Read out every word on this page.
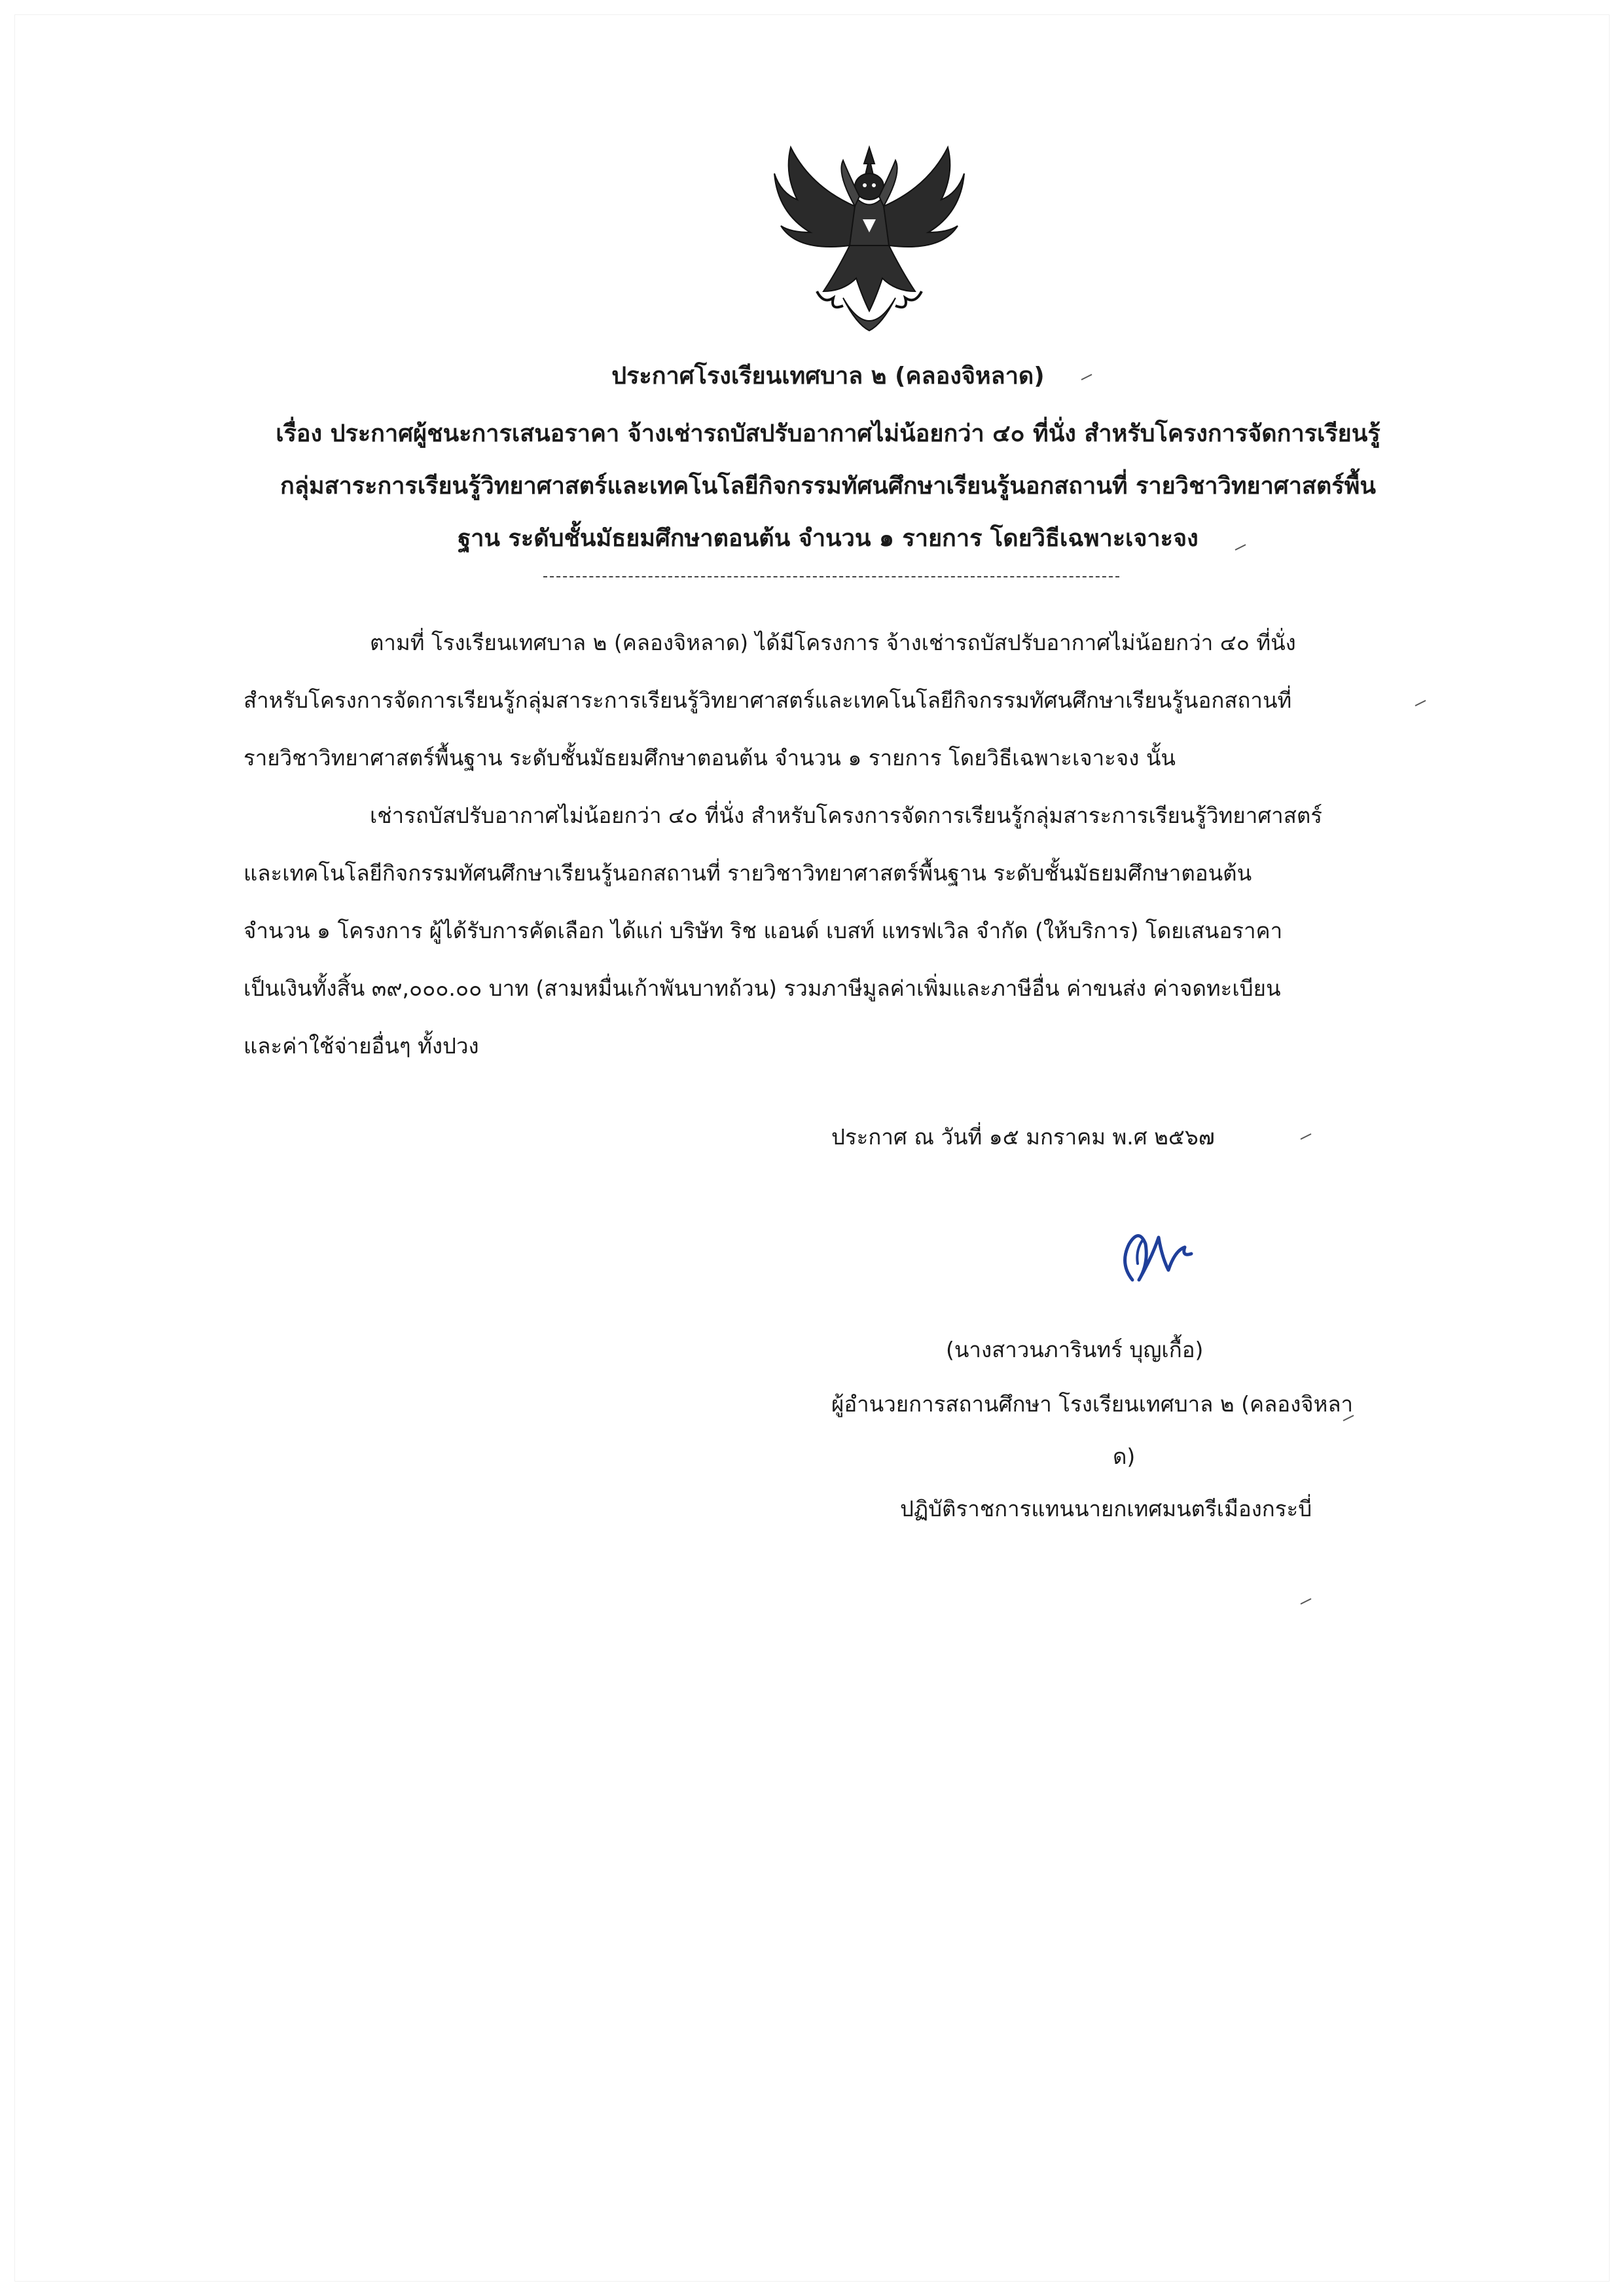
ประกาศโรงเรียนเทศบาล ๒ (คลองจิหลาด)
เรื่อง ประกาศผู้ชนะการเสนอราคา จ้างเช่ารถบัสปรับอากาศไม่น้อยกว่า ๔๐ ที่นั่ง สำหรับโครงการจัดการเรียนรู้
กลุ่มสาระการเรียนรู้วิทยาศาสตร์และเทคโนโลยีกิจกรรมทัศนศึกษาเรียนรู้นอกสถานที่ รายวิชาวิทยาศาสตร์พื้น
ฐาน ระดับชั้นมัธยมศึกษาตอนต้น จำนวน ๑ รายการ โดยวิธีเฉพาะเจาะจง
ตามที่ โรงเรียนเทศบาล ๒ (คลองจิหลาด) ได้มีโครงการ จ้างเช่ารถบัสปรับอากาศไม่น้อยกว่า ๔๐ ที่นั่ง
สำหรับโครงการจัดการเรียนรู้กลุ่มสาระการเรียนรู้วิทยาศาสตร์และเทคโนโลยีกิจกรรมทัศนศึกษาเรียนรู้นอกสถานที่
รายวิชาวิทยาศาสตร์พื้นฐาน ระดับชั้นมัธยมศึกษาตอนต้น จำนวน ๑ รายการ โดยวิธีเฉพาะเจาะจง นั้น
เช่ารถบัสปรับอากาศไม่น้อยกว่า ๔๐ ที่นั่ง สำหรับโครงการจัดการเรียนรู้กลุ่มสาระการเรียนรู้วิทยาศาสตร์
และเทคโนโลยีกิจกรรมทัศนศึกษาเรียนรู้นอกสถานที่ รายวิชาวิทยาศาสตร์พื้นฐาน ระดับชั้นมัธยมศึกษาตอนต้น
จำนวน ๑ โครงการ ผู้ได้รับการคัดเลือก ได้แก่ บริษัท ริช แอนด์ เบสท์ แทรฟเวิล จำกัด (ให้บริการ) โดยเสนอราคา
เป็นเงินทั้งสิ้น ๓๙,๐๐๐.๐๐ บาท (สามหมื่นเก้าพันบาทถ้วน) รวมภาษีมูลค่าเพิ่มและภาษีอื่น ค่าขนส่ง ค่าจดทะเบียน
และค่าใช้จ่ายอื่นๆ ทั้งปวง
ประกาศ ณ วันที่ ๑๕ มกราคม พ.ศ ๒๕๖๗
(นางสาวนภารินทร์ บุญเกื้อ)
ผู้อำนวยการสถานศึกษา โรงเรียนเทศบาล ๒ (คลองจิหลา
ด)
ปฏิบัติราชการแทนนายกเทศมนตรีเมืองกระบี่
